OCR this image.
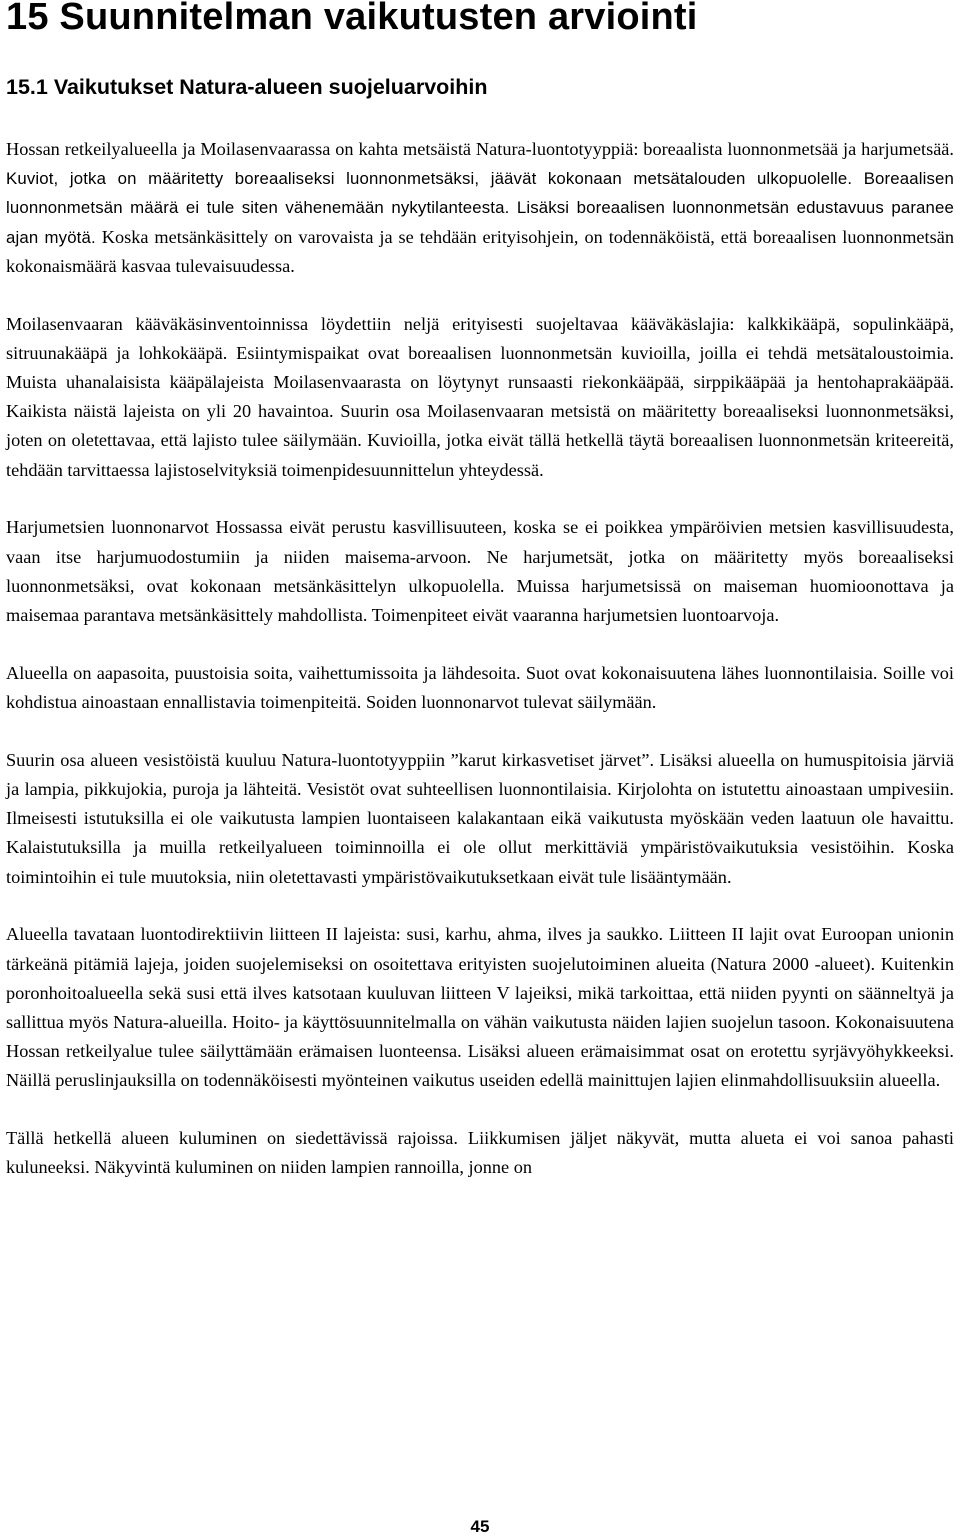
15 Suunnitelman vaikutusten arviointi
15.1 Vaikutukset Natura-alueen suojeluarvoihin

Hossan retkeilyalueella ja Moilasenvaarassa on kahta metsäistä Natura-luontotyyppiä: boreaalista luonnonmetsää ja harjumetsää. Kuviot, jotka on määritetty boreaaliseksi luonnonmetsäksi, jäävät kokonaan metsätalouden ulkopuolelle. Boreaalisen luonnonmetsän määrä ei tule siten vähenemään nykytilanteesta. Lisäksi boreaalisen luonnonmetsän edustavuus paranee ajan myötä. Koska metsänkäsittely on varovaista ja se tehdään erityisohjein, on todennäköistä, että boreaalisen luonnonmetsän kokonaismäärä kasvaa tulevaisuudessa.

Moilasenvaaran kääväkäsinventoinnissa löydettiin neljä erityisesti suojeltavaa kääväkäslajia: kalkkikääpä, sopulinkääpä, sitruunakääpä ja lohkokääpä. Esiintymispaikat ovat boreaalisen luonnonmetsän kuvioilla, joilla ei tehdä metsätaloustoimia. Muista uhanalaisista kääpälajeista Moilasenvaarasta on löytynyt runsaasti riekonkääpää, sirppikääpää ja hentohaprakääpää. Kaikista näistä lajeista on yli 20 havaintoa. Suurin osa Moilasenvaaran metsistä on määritetty boreaaliseksi luonnonmetsäksi, joten on oletettavaa, että lajisto tulee säilymään. Kuvioilla, jotka eivät tällä hetkellä täytä boreaalisen luonnonmetsän kriteereitä, tehdään tarvittaessa lajistoselvityksiä toimenpidesuunnittelun yhteydessä.

Harjumetsien luonnonarvot Hossassa eivät perustu kasvillisuuteen, koska se ei poikkea ympäröivien metsien kasvillisuudesta, vaan itse harjumuodostumiin ja niiden maisema-arvoon. Ne harjumetsät, jotka on määritetty myös boreaaliseksi luonnonmetsäksi, ovat kokonaan metsänkäsittelyn ulkopuolella. Muissa harjumetsissä on maiseman huomioonottava ja maisemaa parantava metsänkäsittely mahdollista. Toimenpiteet eivät vaaranna harjumetsien luontoarvoja.

Alueella on aapasoita, puustoisia soita, vaihettumissoita ja lähdesoita. Suot ovat kokonaisuutena lähes luonnontilaisia. Soille voi kohdistua ainoastaan ennallistavia toimenpiteitä. Soiden luonnonarvot tulevat säilymään.

Suurin osa alueen vesistöistä kuuluu Natura-luontotyyppiin ”karut kirkasvetiset järvet”. Lisäksi alueella on humuspitoisia järviä ja lampia, pikkujokia, puroja ja lähteitä. Vesistöt ovat suhteellisen luonnontilaisia. Kirjolohta on istutettu ainoastaan umpivesiin. Ilmeisesti istutuksilla ei ole vaikutusta lampien luontaiseen kalakantaan eikä vaikutusta myöskään veden laatuun ole havaittu. Kalaistutuksilla ja muilla retkeilyalueen toiminnoilla ei ole ollut merkittäviä ympäristövaikutuksia vesistöihin. Koska toimintoihin ei tule muutoksia, niin oletettavasti ympäristövaikutuksetkaan eivät tule lisääntymään.

Alueella tavataan luontodirektiivin liitteen II lajeista: susi, karhu, ahma, ilves ja saukko. Liitteen II lajit ovat Euroopan unionin tärkeänä pitämiä lajeja, joiden suojelemiseksi on osoitettava erityisten suojelutoiminen alueita (Natura 2000 -alueet). Kuitenkin poronhoitoalueella sekä susi että ilves katsotaan kuuluvan liitteen V lajeiksi, mikä tarkoittaa, että niiden pyynti on säänneltyä ja sallittua myös Natura-alueilla. Hoito- ja käyttösuunnitelmalla on vähän vaikutusta näiden lajien suojelun tasoon. Kokonaisuutena Hossan retkeilyalue tulee säilyttämään erämaisen luonteensa. Lisäksi alueen erämaisimmat osat on erotettu syrjävyöhykkeeksi. Näillä peruslinjauksilla on todennäköisesti myönteinen vaikutus useiden edellä mainittujen lajien elinmahdollisuuksiin alueella.

Tällä hetkellä alueen kuluminen on siedettävissä rajoissa. Liikkumisen jäljet näkyvät, mutta alueta ei voi sanoa pahasti kuluneeksi. Näkyvintä kuluminen on niiden lampien rannoilla, jonne on

45
